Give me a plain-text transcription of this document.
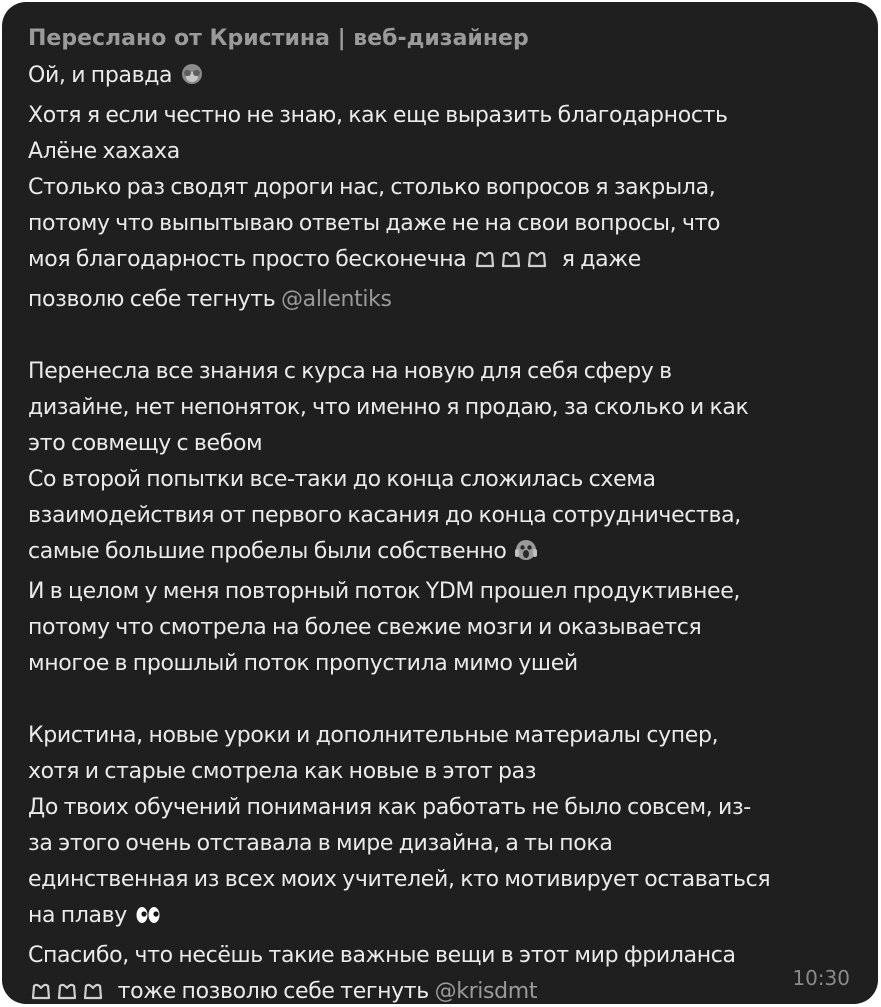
Переслано от Кристина | веб-дизайнер
Ой, и правда
Хотя я если честно не знаю, как еще выразить благодарность
Алёне хахаха
Столько раз сводят дороги нас, столько вопросов я закрыла,
потому что выпытываю ответы даже не на свои вопросы, что
моя благодарность просто бесконечна	я даже
позволю себе тегнуть @allentiks
Перенесла все знания с курса на новую для себя сферу в
дизайне, нет непоняток, что именно я продаю, за сколько и как
это совмещу с вебом
Со второй попытки все-таки до конца сложилась схема
взаимодействия от первого касания до конца сотрудничества,
самые большие пробелы были собственно
И в целом у меня повторный поток YDM прошел продуктивнее,
потому что смотрела на более свежие мозги и оказывается
многое в прошлый поток пропустила мимо ушей
Кристина, новые уроки и дополнительные материалы супер,
хотя и старые смотрела как новые в этот раз
До твоих обучений понимания как работать не было совсем, из-
за этого очень отставала в мире дизайна, а ты пока
единственная из всех моих учителей, кто мотивирует оставаться
на плаву
Спасибо, что несёшь такие важные вещи в этот мир фриланса
тоже позволю себе тегнуть @krisdmt
10:30
